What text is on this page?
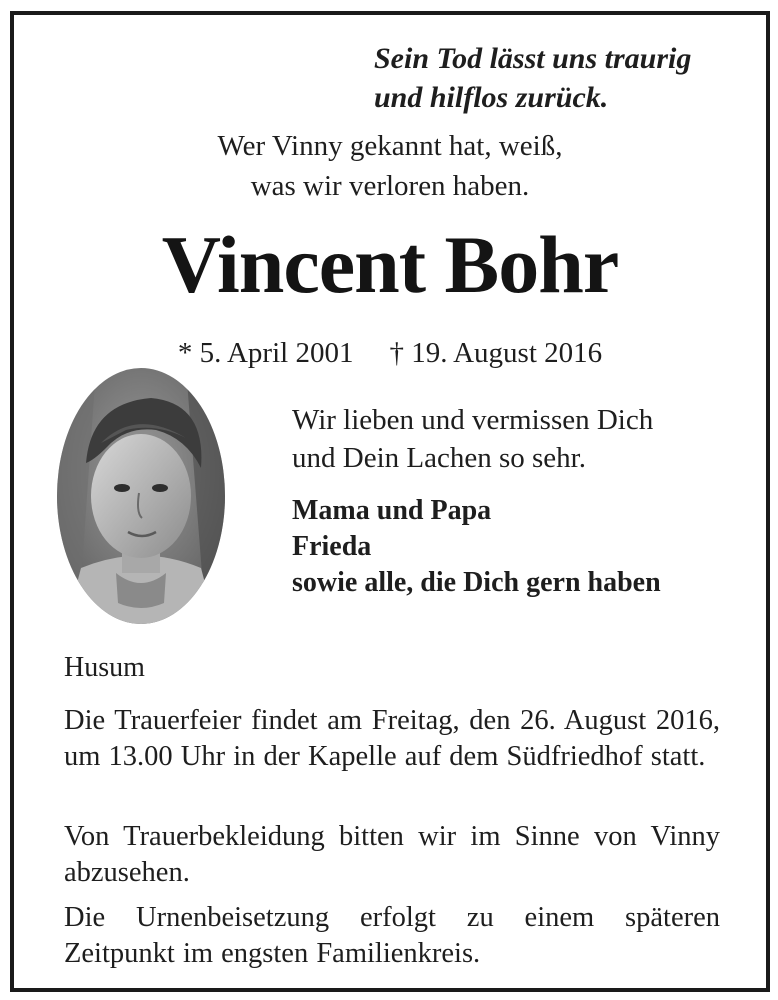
Sein Tod lässt uns traurig
und hilflos zurück.
Wer Vinny gekannt hat, weiß,
was wir verloren haben.
Vincent Bohr
* 5. April 2001 † 19. August 2016
Wir lieben und vermissen Dich
und Dein Lachen so sehr.
Mama und Papa
Frieda
sowie alle, die Dich gern haben
Husum

Die Trauerfeier findet am Freitag, den 26. August 2016, um 13.00 Uhr in der Kapelle auf dem Südfriedhof statt.

Von Trauerbekleidung bitten wir im Sinne von Vinny abzusehen.

Die Urnenbeisetzung erfolgt zu einem späteren Zeitpunkt im engsten Familienkreis.
